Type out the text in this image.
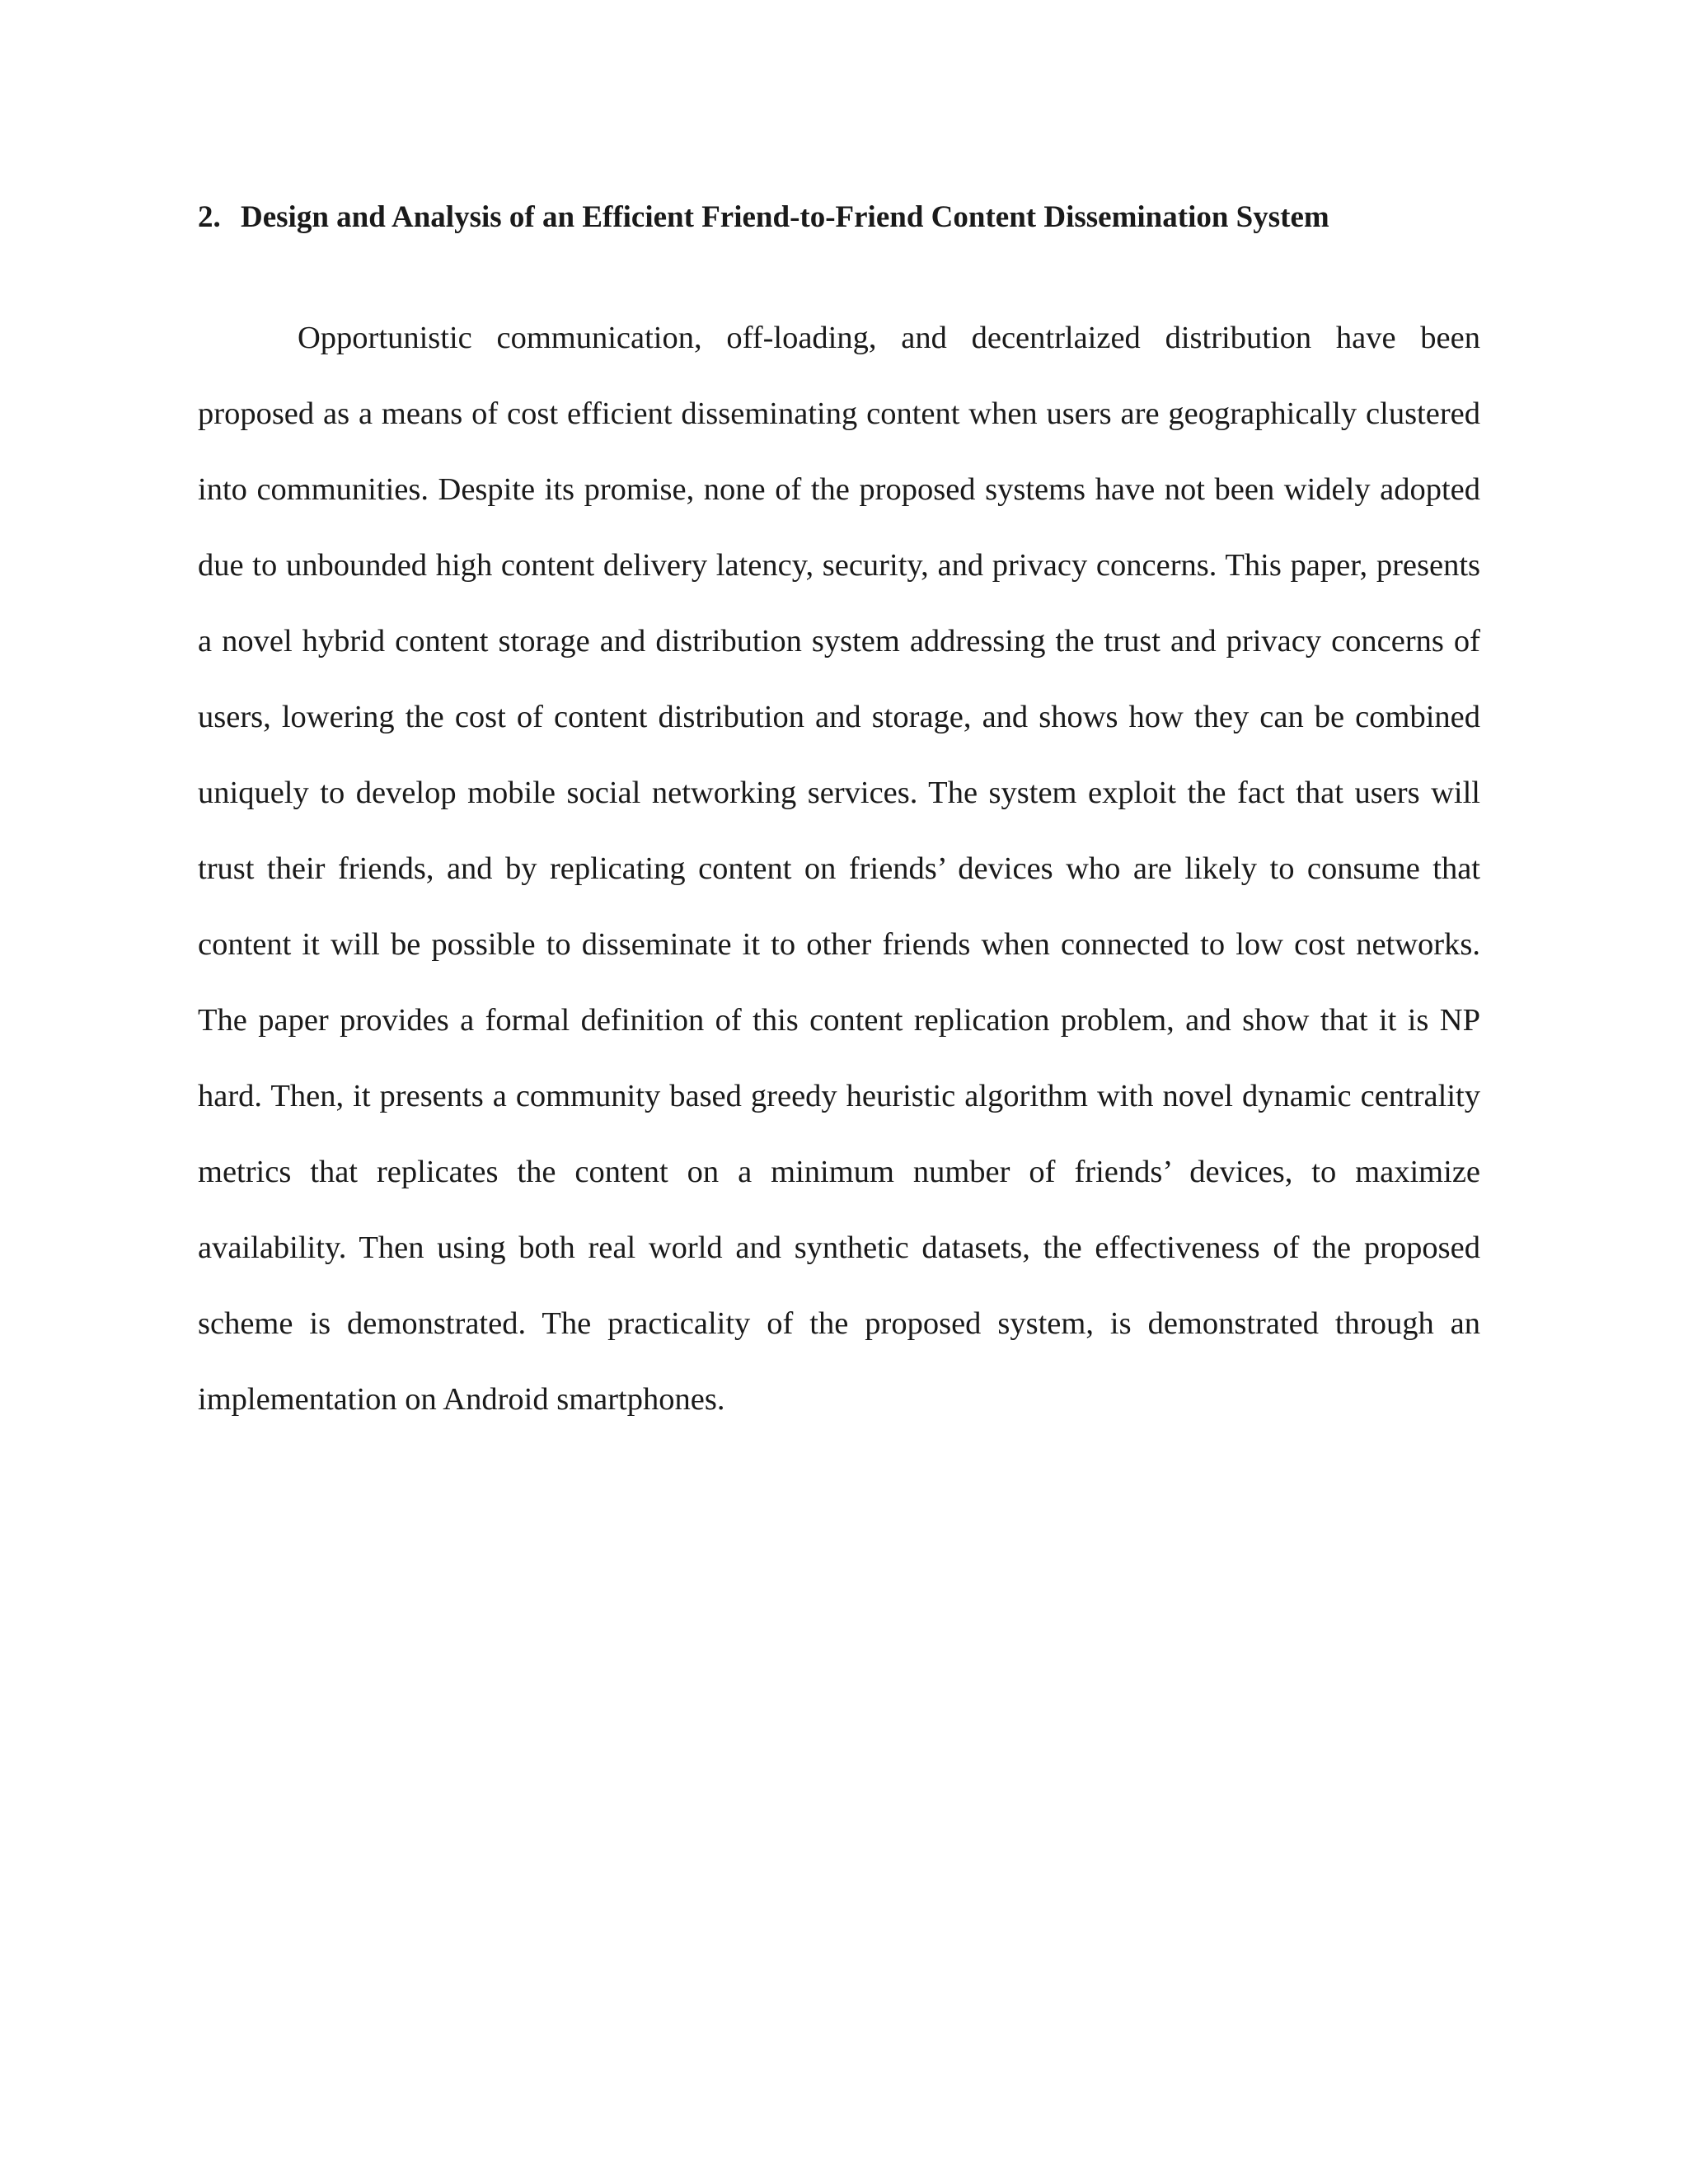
2. Design and Analysis of an Efficient Friend-to-Friend Content Dissemination System

Opportunistic communication, off-loading, and decentrlaized distribution have been proposed as a means of cost efficient disseminating content when users are geographically clustered into communities. Despite its promise, none of the proposed systems have not been widely adopted due to unbounded high content delivery latency, security, and privacy concerns. This paper, presents a novel hybrid content storage and distribution system addressing the trust and privacy concerns of users, lowering the cost of content distribution and storage, and shows how they can be combined uniquely to develop mobile social networking services. The system exploit the fact that users will trust their friends, and by replicating content on friends’ devices who are likely to consume that content it will be possible to disseminate it to other friends when connected to low cost networks. The paper provides a formal definition of this content replication problem, and show that it is NP hard. Then, it presents a community based greedy heuristic algorithm with novel dynamic centrality metrics that replicates the content on a minimum number of friends’ devices, to maximize availability. Then using both real world and synthetic datasets, the effectiveness of the proposed scheme is demonstrated. The practicality of the proposed system, is demonstrated through an implementation on Android smartphones.
